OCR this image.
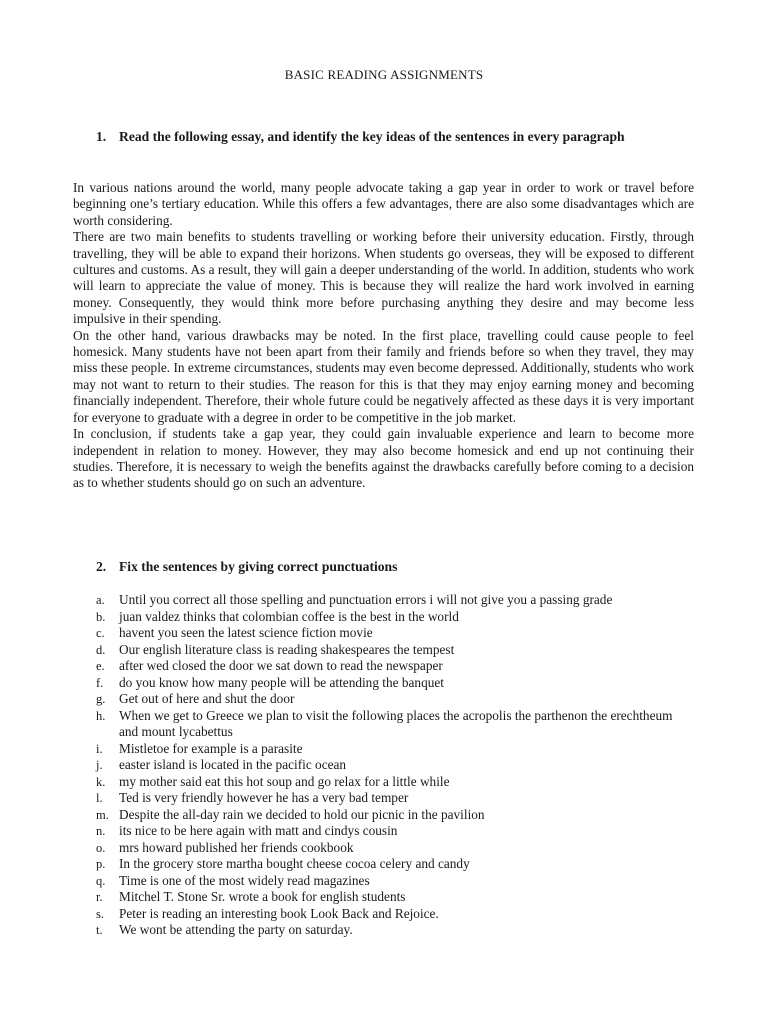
BASIC READING ASSIGNMENTS
1. Read the following essay, and identify the key ideas of the sentences in every paragraph

In various nations around the world, many people advocate taking a gap year in order to work or travel before beginning one’s tertiary education. While this offers a few advantages, there are also some disadvantages which are worth considering.

There are two main benefits to students travelling or working before their university education. Firstly, through travelling, they will be able to expand their horizons. When students go overseas, they will be exposed to different cultures and customs. As a result, they will gain a deeper understanding of the world. In addition, students who work will learn to appreciate the value of money. This is because they will realize the hard work involved in earning money. Consequently, they would think more before purchasing anything they desire and may become less impulsive in their spending.

On the other hand, various drawbacks may be noted. In the first place, travelling could cause people to feel homesick. Many students have not been apart from their family and friends before so when they travel, they may miss these people. In extreme circumstances, students may even become depressed. Additionally, students who work may not want to return to their studies. The reason for this is that they may enjoy earning money and becoming financially independent. Therefore, their whole future could be negatively affected as these days it is very important for everyone to graduate with a degree in order to be competitive in the job market.

In conclusion, if students take a gap year, they could gain invaluable experience and learn to become more independent in relation to money. However, they may also become homesick and end up not continuing their studies. Therefore, it is necessary to weigh the benefits against the drawbacks carefully before coming to a decision as to whether students should go on such an adventure.

2. Fix the sentences by giving correct punctuations
a. Until you correct all those spelling and punctuation errors i will not give you a passing grade
b. juan valdez thinks that colombian coffee is the best in the world
c. havent you seen the latest science fiction movie
d. Our english literature class is reading shakespeares the tempest
e. after wed closed the door we sat down to read the newspaper
f. do you know how many people will be attending the banquet
g. Get out of here and shut the door
h. When we get to Greece we plan to visit the following places the acropolis the parthenon the erechtheum and mount lycabettus
i. Mistletoe for example is a parasite
j. easter island is located in the pacific ocean
k. my mother said eat this hot soup and go relax for a little while
l. Ted is very friendly however he has a very bad temper
m. Despite the all-day rain we decided to hold our picnic in the pavilion
n. its nice to be here again with matt and cindys cousin
o. mrs howard published her friends cookbook
p. In the grocery store martha bought cheese cocoa celery and candy
q. Time is one of the most widely read magazines
r. Mitchel T. Stone Sr. wrote a book for english students
s. Peter is reading an interesting book Look Back and Rejoice.
t. We wont be attending the party on saturday.
